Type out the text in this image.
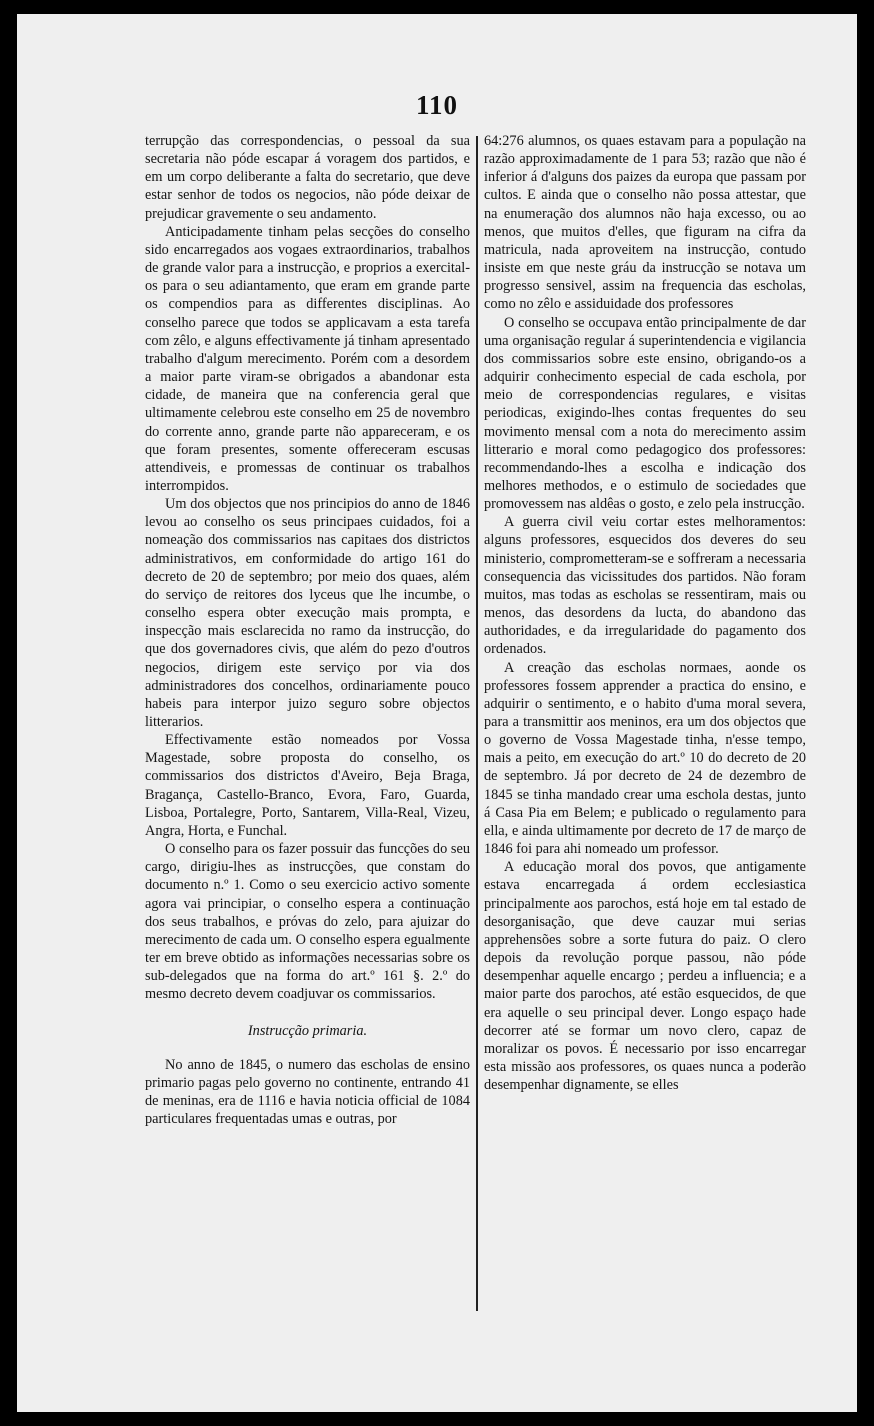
110

terrupção das correspondencias, o pessoal da sua secretaria não póde escapar á voragem dos partidos, e em um corpo deliberante a falta do secretario, que deve estar senhor de todos os negocios, não póde deixar de prejudicar gravemente o seu andamento.

Anticipadamente tinham pelas secções do conselho sido encarregados aos vogaes extraordinarios, trabalhos de grande valor para a instrucção, e proprios a exercital-os para o seu adiantamento, que eram em grande parte os compendios para as differentes disciplinas. Ao conselho parece que todos se applicavam a esta tarefa com zêlo, e alguns effectivamente já tinham apresentado trabalho d'algum merecimento. Porém com a desordem a maior parte viram-se obrigados a abandonar esta cidade, de maneira que na conferencia geral que ultimamente celebrou este conselho em 25 de novembro do corrente anno, grande parte não appareceram, e os que foram presentes, somente offereceram escusas attendiveis, e promessas de continuar os trabalhos interrompidos.

Um dos objectos que nos principios do anno de 1846 levou ao conselho os seus principaes cuidados, foi a nomeação dos commissarios nas capitaes dos districtos administrativos, em conformidade do artigo 161 do decreto de 20 de septembro; por meio dos quaes, além do serviço de reitores dos lyceus que lhe incumbe, o conselho espera obter execução mais prompta, e inspecção mais esclarecida no ramo da instrucção, do que dos governadores civis, que além do pezo d'outros negocios, dirigem este serviço por via dos administradores dos concelhos, ordinariamente pouco habeis para interpor juizo seguro sobre objectos litterarios.

Effectivamente estão nomeados por Vossa Magestade, sobre proposta do conselho, os commissarios dos districtos d'Aveiro, Beja Braga, Bragança, Castello-Branco, Evora, Faro, Guarda, Lisboa, Portalegre, Porto, Santarem, Villa-Real, Vizeu, Angra, Horta, e Funchal.

O conselho para os fazer possuir das funcções do seu cargo, dirigiu-lhes as instrucções, que constam do documento n.º 1. Como o seu exercicio activo somente agora vai principiar, o conselho espera a continuação dos seus trabalhos, e próvas do zelo, para ajuizar do merecimento de cada um. O conselho espera egualmente ter em breve obtido as informações necessarias sobre os sub-delegados que na forma do art.º 161 §. 2.º do mesmo decreto devem coadjuvar os commissarios.

Instrucção primaria.

No anno de 1845, o numero das escholas de ensino primario pagas pelo governo no continente, entrando 41 de meninas, era de 1116 e havia noticia official de 1084 particulares frequentadas umas e outras, por

64:276 alumnos, os quaes estavam para a população na razão approximadamente de 1 para 53; razão que não é inferior á d'alguns dos paizes da europa que passam por cultos. E ainda que o conselho não possa attestar, que na enumeração dos alumnos não haja excesso, ou ao menos, que muitos d'elles, que figuram na cifra da matricula, nada aproveitem na instrucção, contudo insiste em que neste gráu da instrucção se notava um progresso sensivel, assim na frequencia das escholas, como no zêlo e assiduidade dos professores

O conselho se occupava então principalmente de dar uma organisação regular á superintendencia e vigilancia dos commissarios sobre este ensino, obrigando-os a adquirir conhecimento especial de cada eschola, por meio de correspondencias regulares, e visitas periodicas, exigindo-lhes contas frequentes do seu movimento mensal com a nota do merecimento assim litterario e moral como pedagogico dos professores: recommendando-lhes a escolha e indicação dos melhores methodos, e o estimulo de sociedades que promovessem nas aldêas o gosto, e zelo pela instrucção.

A guerra civil veiu cortar estes melhoramentos: alguns professores, esquecidos dos deveres do seu ministerio, comprometteram-se e soffreram a necessaria consequencia das vicissitudes dos partidos. Não foram muitos, mas todas as escholas se ressentiram, mais ou menos, das desordens da lucta, do abandono das authoridades, e da irregularidade do pagamento dos ordenados.

A creação das escholas normaes, aonde os professores fossem apprender a practica do ensino, e adquirir o sentimento, e o habito d'uma moral severa, para a transmittir aos meninos, era um dos objectos que o governo de Vossa Magestade tinha, n'esse tempo, mais a peito, em execução do art.º 10 do decreto de 20 de septembro. Já por decreto de 24 de dezembro de 1845 se tinha mandado crear uma eschola destas, junto á Casa Pia em Belem; e publicado o regulamento para ella, e ainda ultimamente por decreto de 17 de março de 1846 foi para ahi nomeado um professor.

A educação moral dos povos, que antigamente estava encarregada á ordem ecclesiastica principalmente aos parochos, está hoje em tal estado de desorganisação, que deve cauzar mui serias apprehensões sobre a sorte futura do paiz. O clero depois da revolução porque passou, não póde desempenhar aquelle encargo ; perdeu a influencia; e a maior parte dos parochos, até estão esquecidos, de que era aquelle o seu principal dever. Longo espaço hade decorrer até se formar um novo clero, capaz de moralizar os povos. É necessario por isso encarregar esta missão aos professores, os quaes nunca a poderão desempenhar dignamente, se elles
